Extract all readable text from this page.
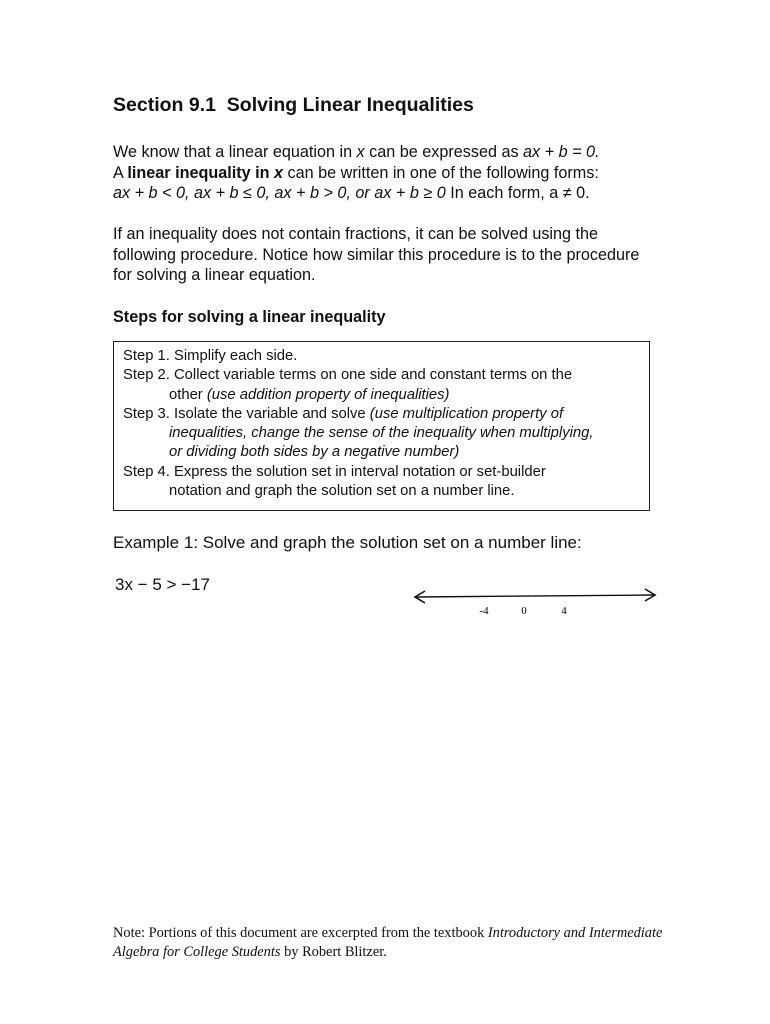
Section 9.1  Solving Linear Inequalities
We know that a linear equation in x can be expressed as ax + b = 0.
A linear inequality in x can be written in one of the following forms:
ax + b < 0, ax + b ≤ 0, ax + b > 0, or ax + b ≥ 0 In each form, a ≠ 0.
If an inequality does not contain fractions, it can be solved using the following procedure. Notice how similar this procedure is to the procedure for solving a linear equation.
Steps for solving a linear inequality
Step 1. Simplify each side.
Step 2. Collect variable terms on one side and constant terms on the
other (use addition property of inequalities)
Step 3. Isolate the variable and solve (use multiplication property of
inequalities, change the sense of the inequality when multiplying,
or dividing both sides by a negative number)
Step 4. Express the solution set in interval notation or set-builder
notation and graph the solution set on a number line.
Example 1: Solve and graph the solution set on a number line:
3x − 5 > −17
-4	0	4
Note: Portions of this document are excerpted from the textbook Introductory and Intermediate Algebra for College Students by Robert Blitzer.
